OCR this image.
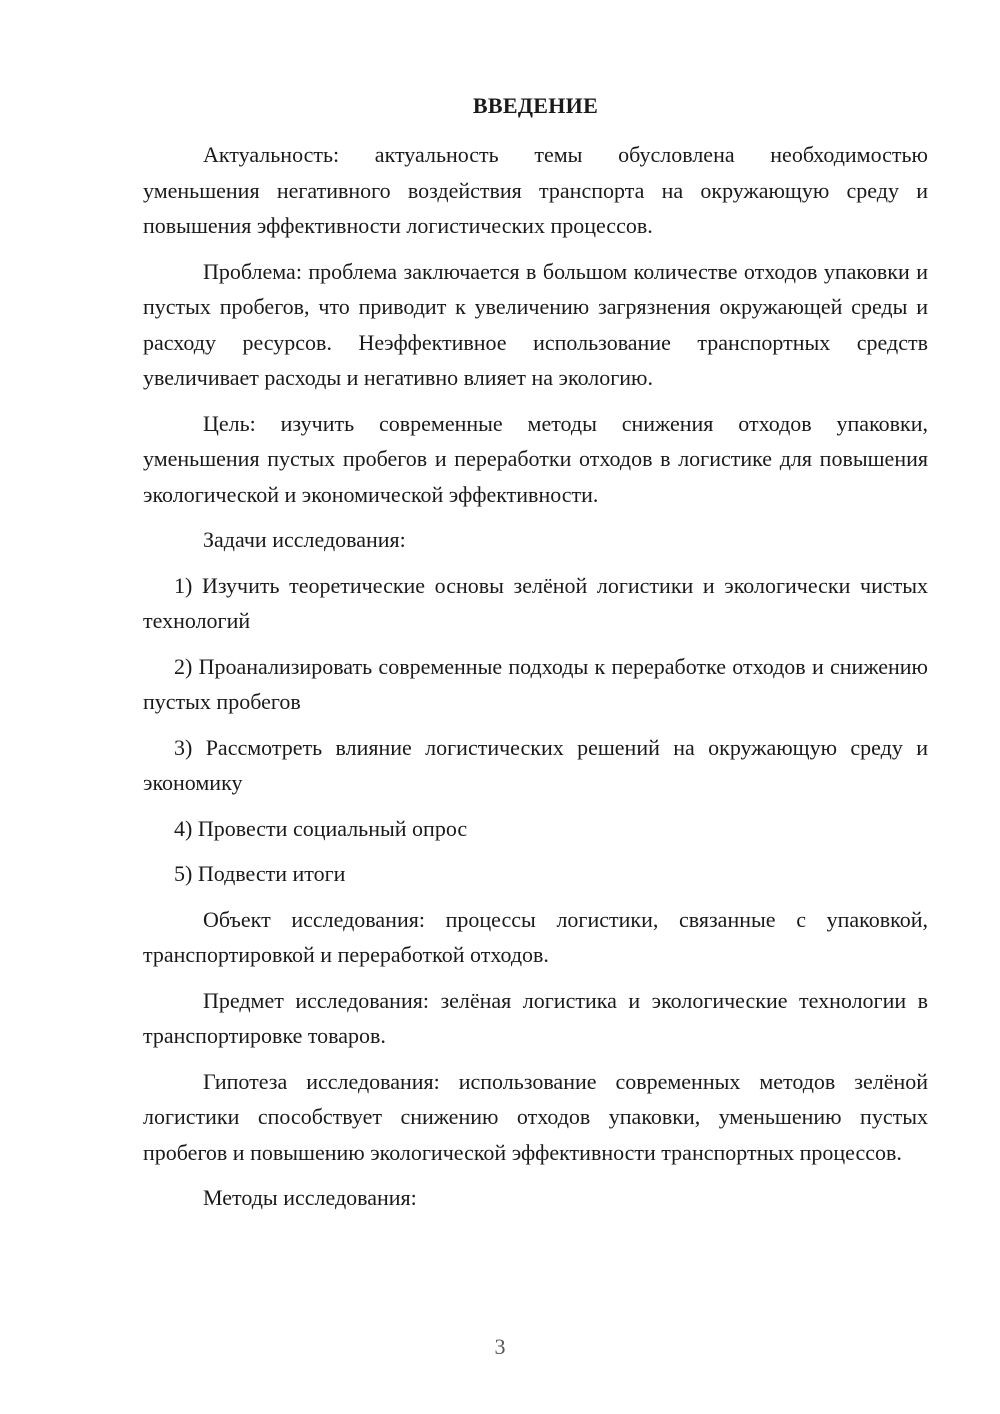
ВВЕДЕНИЕ

Актуальность: актуальность темы обусловлена необходимостью уменьшения негативного воздействия транспорта на окружающую среду и повышения эффективности логистических процессов.

Проблема: проблема заключается в большом количестве отходов упаковки и пустых пробегов, что приводит к увеличению загрязнения окружающей среды и расходу ресурсов. Неэффективное использование транспортных средств увеличивает расходы и негативно влияет на экологию.

Цель: изучить современные методы снижения отходов упаковки, уменьшения пустых пробегов и переработки отходов в логистике для повышения экологической и экономической эффективности.

Задачи исследования:

1) Изучить теоретические основы зелёной логистики и экологически чистых технологий

2) Проанализировать современные подходы к переработке отходов и снижению пустых пробегов

3) Рассмотреть влияние логистических решений на окружающую среду и экономику

4) Провести социальный опрос

5) Подвести итоги

Объект исследования: процессы логистики, связанные с упаковкой, транспортировкой и переработкой отходов.

Предмет исследования: зелёная логистика и экологические технологии в транспортировке товаров.

Гипотеза исследования: использование современных методов зелёной логистики способствует снижению отходов упаковки, уменьшению пустых пробегов и повышению экологической эффективности транспортных процессов.

Методы исследования:

3
